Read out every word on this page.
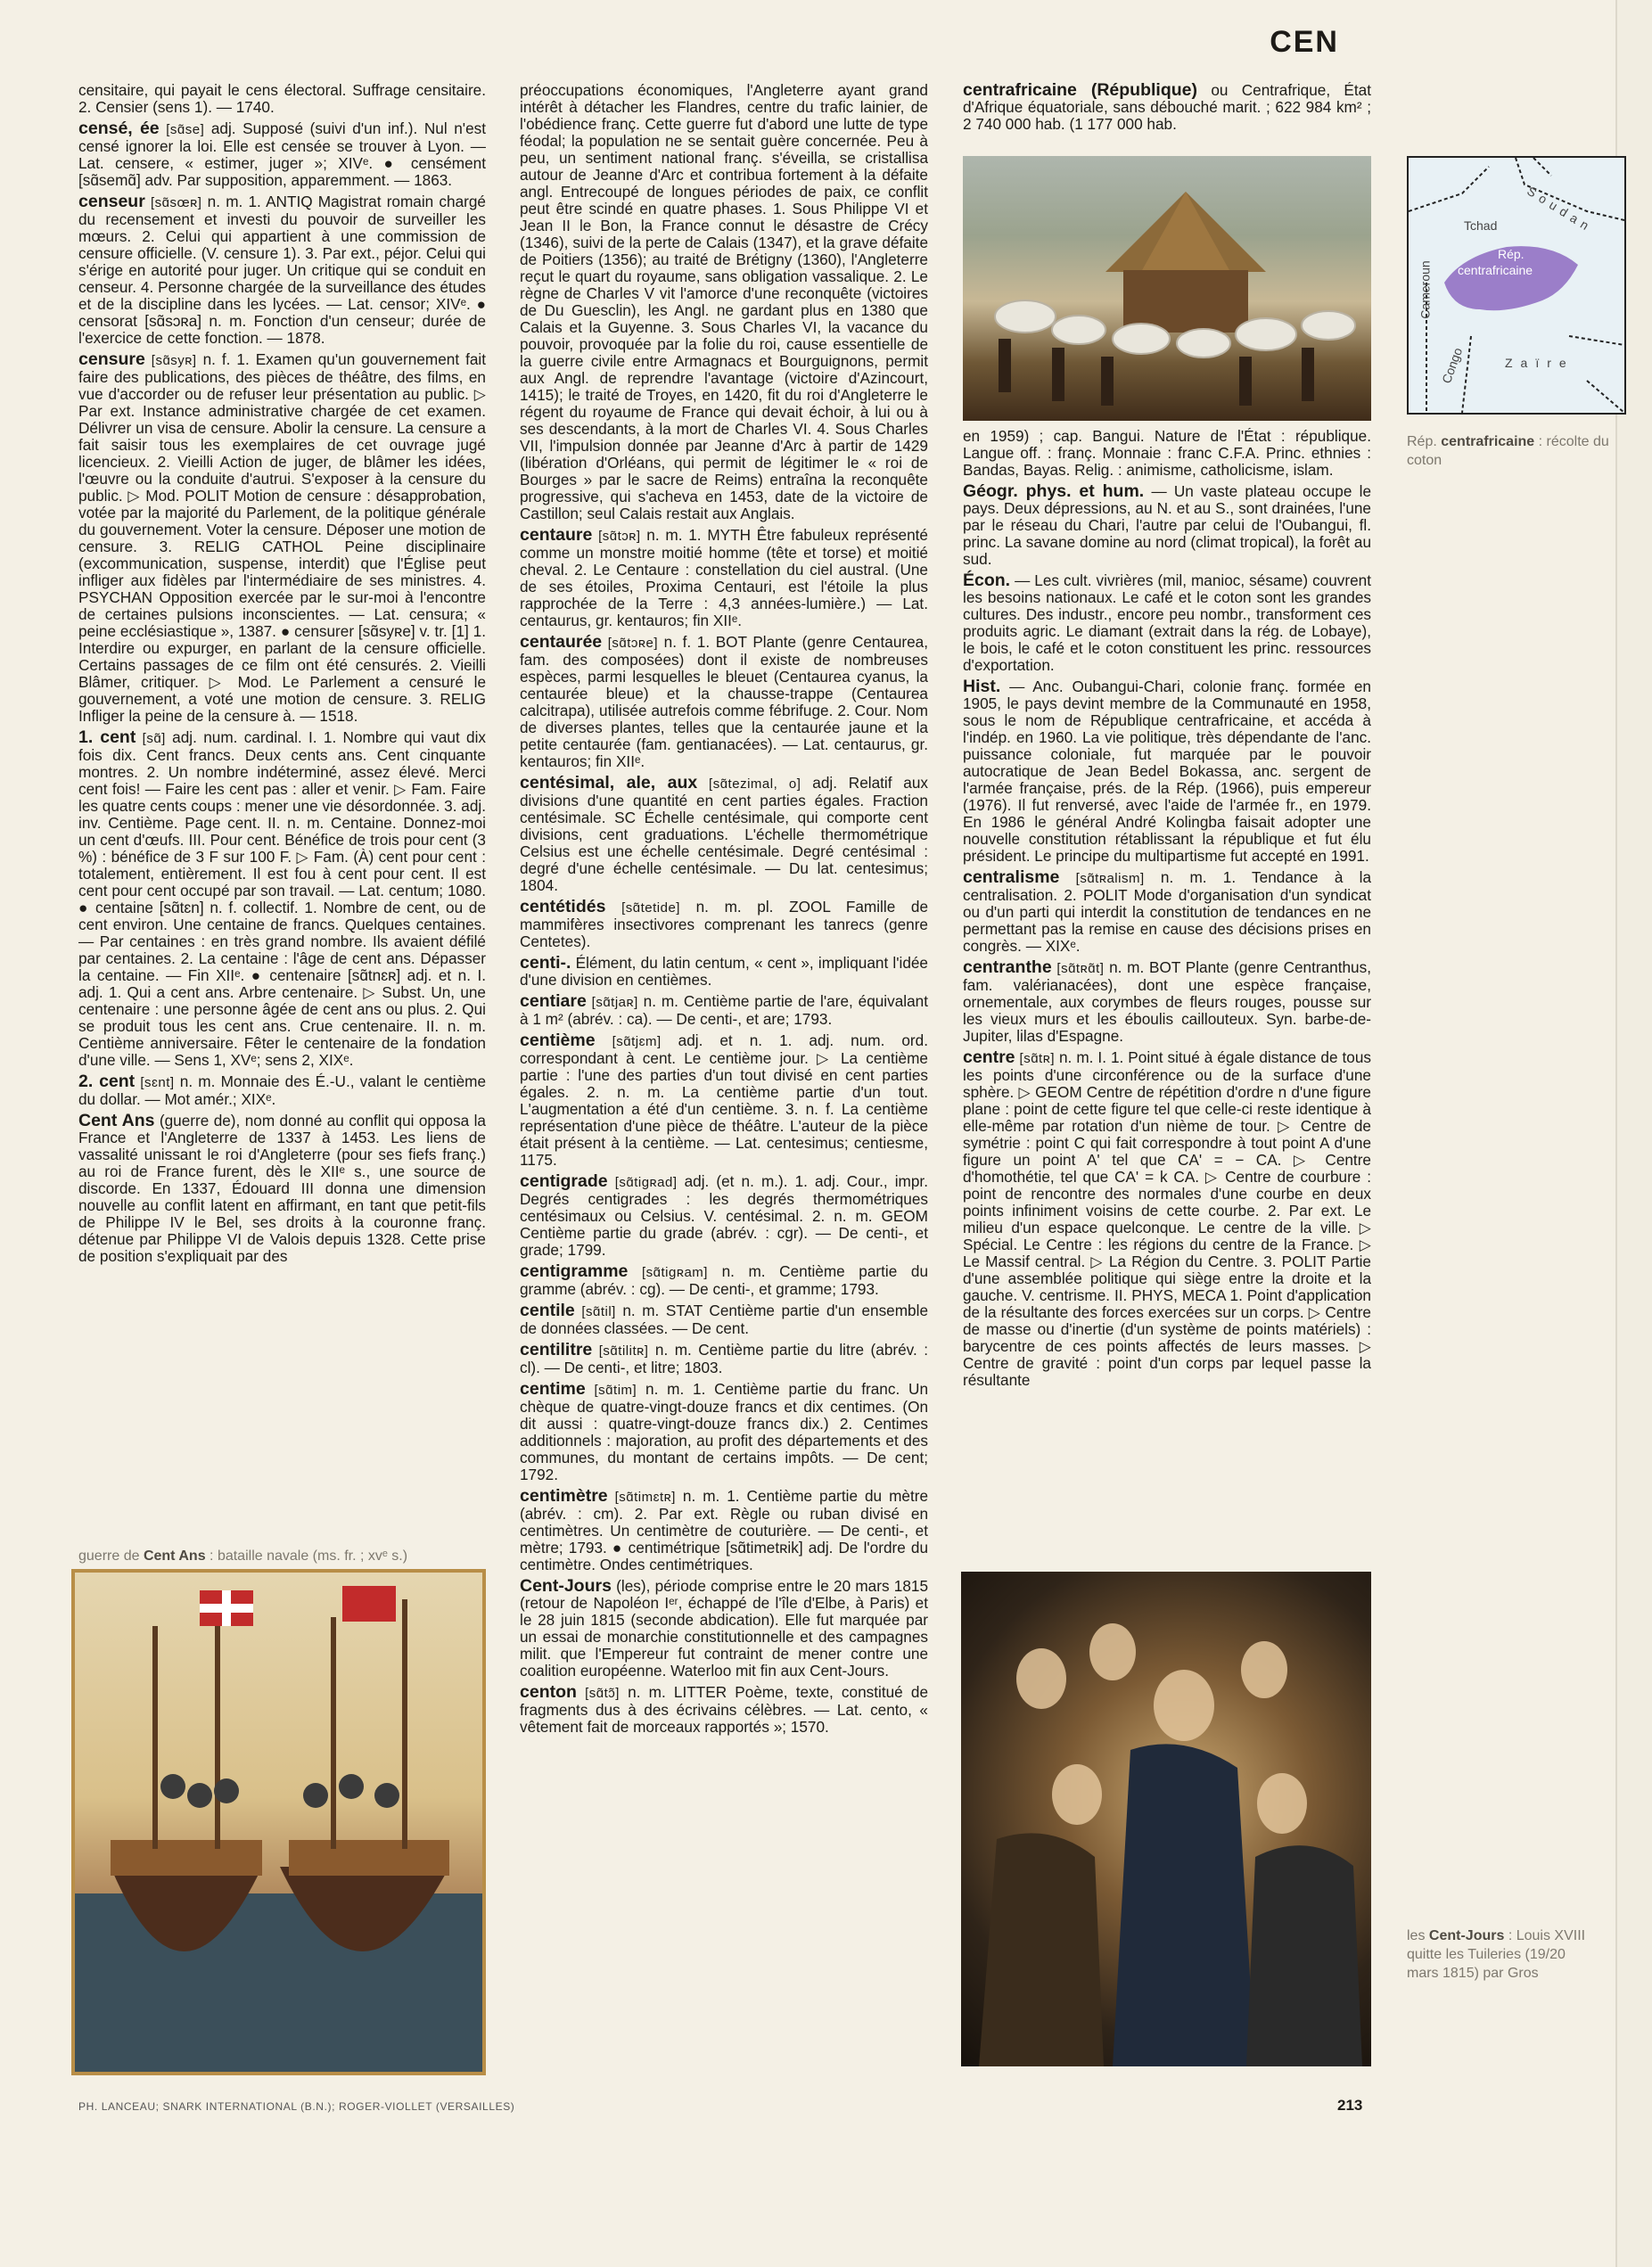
CEN

censitaire, qui payait le cens électoral. Suffrage censitaire. 2. Censier (sens 1). — 1740.

censé, ée [sɑ̃se] adj. Supposé (suivi d'un inf.). Nul n'est censé ignorer la loi. Elle est censée se trouver à Lyon. — Lat. censere, « estimer, juger »; XIVᵉ. ● censément [sɑ̃semɑ̃] adv. Par supposition, apparemment. — 1863.

censeur [sɑ̃sœʀ] n. m. 1. ANTIQ Magistrat romain chargé du recensement et investi du pouvoir de surveiller les mœurs. 2. Celui qui appartient à une commission de censure officielle. (V. censure 1). 3. Par ext., péjor. Celui qui s'érige en autorité pour juger. Un critique qui se conduit en censeur. 4. Personne chargée de la surveillance des études et de la discipline dans les lycées. — Lat. censor; XIVᵉ. ● censorat [sɑ̃sɔʀa] n. m. Fonction d'un censeur; durée de l'exercice de cette fonction. — 1878.

censure [sɑ̃syʀ] n. f. 1. Examen qu'un gouvernement fait faire des publications, des pièces de théâtre, des films, en vue d'accorder ou de refuser leur présentation au public. ▷ Par ext. Instance administrative chargée de cet examen. Délivrer un visa de censure. Abolir la censure. La censure a fait saisir tous les exemplaires de cet ouvrage jugé licencieux. 2. Vieilli Action de juger, de blâmer les idées, l'œuvre ou la conduite d'autrui. S'exposer à la censure du public. ▷ Mod. POLIT Motion de censure : désapprobation, votée par la majorité du Parlement, de la politique générale du gouvernement. Voter la censure. Déposer une motion de censure. 3. RELIG CATHOL Peine disciplinaire (excommunication, suspense, interdit) que l'Église peut infliger aux fidèles par l'intermédiaire de ses ministres. 4. PSYCHAN Opposition exercée par le sur-moi à l'encontre de certaines pulsions inconscientes. — Lat. censura; « peine ecclésiastique », 1387. ● censurer [sɑ̃syʀe] v. tr. [1] 1. Interdire ou expurger, en parlant de la censure officielle. Certains passages de ce film ont été censurés. 2. Vieilli Blâmer, critiquer. ▷ Mod. Le Parlement a censuré le gouvernement, a voté une motion de censure. 3. RELIG Infliger la peine de la censure à. — 1518.

1. cent [sɑ̃] adj. num. cardinal. I. 1. Nombre qui vaut dix fois dix. Cent francs. Deux cents ans. Cent cinquante montres. 2. Un nombre indéterminé, assez élevé. Merci cent fois! — Faire les cent pas : aller et venir. ▷ Fam. Faire les quatre cents coups : mener une vie désordonnée. 3. adj. inv. Centième. Page cent. II. n. m. Centaine. Donnez-moi un cent d'œufs. III. Pour cent. Bénéfice de trois pour cent (3 %) : bénéfice de 3 F sur 100 F. ▷ Fam. (À) cent pour cent : totalement, entièrement. Il est fou à cent pour cent. Il est cent pour cent occupé par son travail. — Lat. centum; 1080. ● centaine [sɑ̃tɛn] n. f. collectif. 1. Nombre de cent, ou de cent environ. Une centaine de francs. Quelques centaines. — Par centaines : en très grand nombre. Ils avaient défilé par centaines. 2. La centaine : l'âge de cent ans. Dépasser la centaine. — Fin XIIᵉ. ● centenaire [sɑ̃tnɛʀ] adj. et n. I. adj. 1. Qui a cent ans. Arbre centenaire. ▷ Subst. Un, une centenaire : une personne âgée de cent ans ou plus. 2. Qui se produit tous les cent ans. Crue centenaire. II. n. m. Centième anniversaire. Fêter le centenaire de la fondation d'une ville. — Sens 1, XVᵉ; sens 2, XIXᵉ.

2. cent [sɛnt] n. m. Monnaie des É.-U., valant le centième du dollar. — Mot amér.; XIXᵉ.

Cent Ans (guerre de), nom donné au conflit qui opposa la France et l'Angleterre de 1337 à 1453. Les liens de vassalité unissant le roi d'Angleterre (pour ses fiefs franç.) au roi de France furent, dès le XIIᵉ s., une source de discorde. En 1337, Édouard III donna une dimension nouvelle au conflit latent en affirmant, en tant que petit-fils de Philippe IV le Bel, ses droits à la couronne franç. détenue par Philippe VI de Valois depuis 1328. Cette prise de position s'expliquait par des

préoccupations économiques, l'Angleterre ayant grand intérêt à détacher les Flandres, centre du trafic lainier, de l'obédience franç. Cette guerre fut d'abord une lutte de type féodal; la population ne se sentait guère concernée. Peu à peu, un sentiment national franç. s'éveilla, se cristallisa autour de Jeanne d'Arc et contribua fortement à la défaite angl. Entrecoupé de longues périodes de paix, ce conflit peut être scindé en quatre phases. 1. Sous Philippe VI et Jean II le Bon, la France connut le désastre de Crécy (1346), suivi de la perte de Calais (1347), et la grave défaite de Poitiers (1356); au traité de Brétigny (1360), l'Angleterre reçut le quart du royaume, sans obligation vassalique. 2. Le règne de Charles V vit l'amorce d'une reconquête (victoires de Du Guesclin), les Angl. ne gardant plus en 1380 que Calais et la Guyenne. 3. Sous Charles VI, la vacance du pouvoir, provoquée par la folie du roi, cause essentielle de la guerre civile entre Armagnacs et Bourguignons, permit aux Angl. de reprendre l'avantage (victoire d'Azincourt, 1415); le traité de Troyes, en 1420, fit du roi d'Angleterre le régent du royaume de France qui devait échoir, à lui ou à ses descendants, à la mort de Charles VI. 4. Sous Charles VII, l'impulsion donnée par Jeanne d'Arc à partir de 1429 (libération d'Orléans, qui permit de légitimer le « roi de Bourges » par le sacre de Reims) entraîna la reconquête progressive, qui s'acheva en 1453, date de la victoire de Castillon; seul Calais restait aux Anglais.

centaure [sɑ̃tɔʀ] n. m. 1. MYTH Être fabuleux représenté comme un monstre moitié homme (tête et torse) et moitié cheval. 2. Le Centaure : constellation du ciel austral. (Une de ses étoiles, Proxima Centauri, est l'étoile la plus rapprochée de la Terre : 4,3 années-lumière.) — Lat. centaurus, gr. kentauros; fin XIIᵉ.

centaurée [sɑ̃tɔʀe] n. f. 1. BOT Plante (genre Centaurea, fam. des composées) dont il existe de nombreuses espèces, parmi lesquelles le bleuet (Centaurea cyanus, la centaurée bleue) et la chausse-trappe (Centaurea calcitrapa), utilisée autrefois comme fébrifuge. 2. Cour. Nom de diverses plantes, telles que la centaurée jaune et la petite centaurée (fam. gentianacées). — Lat. centaurus, gr. kentauros; fin XIIᵉ.

centésimal, ale, aux [sɑ̃tezimal, o] adj. Relatif aux divisions d'une quantité en cent parties égales. Fraction centésimale. SC Échelle centésimale, qui comporte cent divisions, cent graduations. L'échelle thermométrique Celsius est une échelle centésimale. Degré centésimal : degré d'une échelle centésimale. — Du lat. centesimus; 1804.

centétidés [sɑ̃tetide] n. m. pl. ZOOL Famille de mammifères insectivores comprenant les tanrecs (genre Centetes).

centi-. Élément, du latin centum, « cent », impliquant l'idée d'une division en centièmes.

centiare [sɑ̃tjaʀ] n. m. Centième partie de l'are, équivalant à 1 m² (abrév. : ca). — De centi-, et are; 1793.

centième [sɑ̃tjɛm] adj. et n. 1. adj. num. ord. correspondant à cent. Le centième jour. ▷ La centième partie : l'une des parties d'un tout divisé en cent parties égales. 2. n. m. La centième partie d'un tout. L'augmentation a été d'un centième. 3. n. f. La centième représentation d'une pièce de théâtre. L'auteur de la pièce était présent à la centième. — Lat. centesimus; centiesme, 1175.

centigrade [sɑ̃tigʀad] adj. (et n. m.). 1. adj. Cour., impr. Degrés centigrades : les degrés thermométriques centésimaux ou Celsius. V. centésimal. 2. n. m. GEOM Centième partie du grade (abrév. : cgr). — De centi-, et grade; 1799.

centigramme [sɑ̃tigʀam] n. m. Centième partie du gramme (abrév. : cg). — De centi-, et gramme; 1793.

centile [sɑ̃til] n. m. STAT Centième partie d'un ensemble de données classées. — De cent.

centilitre [sɑ̃tilitʀ] n. m. Centième partie du litre (abrév. : cl). — De centi-, et litre; 1803.

centime [sɑ̃tim] n. m. 1. Centième partie du franc. Un chèque de quatre-vingt-douze francs et dix centimes. (On dit aussi : quatre-vingt-douze francs dix.) 2. Centimes additionnels : majoration, au profit des départements et des communes, du montant de certains impôts. — De cent; 1792.

centimètre [sɑ̃timɛtʀ] n. m. 1. Centième partie du mètre (abrév. : cm). 2. Par ext. Règle ou ruban divisé en centimètres. Un centimètre de couturière. — De centi-, et mètre; 1793. ● centimétrique [sɑ̃timetʀik] adj. De l'ordre du centimètre. Ondes centimétriques.

Cent-Jours (les), période comprise entre le 20 mars 1815 (retour de Napoléon Iᵉʳ, échappé de l'île d'Elbe, à Paris) et le 28 juin 1815 (seconde abdication). Elle fut marquée par un essai de monarchie constitutionnelle et des campagnes milit. que l'Empereur fut contraint de mener contre une coalition européenne. Waterloo mit fin aux Cent-Jours.

centon [sɑ̃tɔ̃] n. m. LITTER Poème, texte, constitué de fragments dus à des écrivains célèbres. — Lat. cento, « vêtement fait de morceaux rapportés »; 1570.

centrafricaine (République) ou Centrafrique, État d'Afrique équatoriale, sans débouché marit. ; 622 984 km² ; 2 740 000 hab. (1 177 000 hab.

en 1959) ; cap. Bangui. Nature de l'État : république. Langue off. : franç. Monnaie : franc C.F.A. Princ. ethnies : Bandas, Bayas. Relig. : animisme, catholicisme, islam.

Géogr. phys. et hum. — Un vaste plateau occupe le pays. Deux dépressions, au N. et au S., sont drainées, l'une par le réseau du Chari, l'autre par celui de l'Oubangui, fl. princ. La savane domine au nord (climat tropical), la forêt au sud.

Écon. — Les cult. vivrières (mil, manioc, sésame) couvrent les besoins nationaux. Le café et le coton sont les grandes cultures. Des industr., encore peu nombr., transforment ces produits agric. Le diamant (extrait dans la rég. de Lobaye), le bois, le café et le coton constituent les princ. ressources d'exportation.

Hist. — Anc. Oubangui-Chari, colonie franç. formée en 1905, le pays devint membre de la Communauté en 1958, sous le nom de République centrafricaine, et accéda à l'indép. en 1960. La vie politique, très dépendante de l'anc. puissance coloniale, fut marquée par le pouvoir autocratique de Jean Bedel Bokassa, anc. sergent de l'armée française, prés. de la Rép. (1966), puis empereur (1976). Il fut renversé, avec l'aide de l'armée fr., en 1979. En 1986 le général André Kolingba faisait adopter une nouvelle constitution rétablissant la république et fut élu président. Le principe du multipartisme fut accepté en 1991.

centralisme [sɑ̃tʀalism] n. m. 1. Tendance à la centralisation. 2. POLIT Mode d'organisation d'un syndicat ou d'un parti qui interdit la constitution de tendances en ne permettant pas la remise en cause des décisions prises en congrès. — XIXᵉ.

centranthe [sɑ̃tʀɑ̃t] n. m. BOT Plante (genre Centranthus, fam. valérianacées), dont une espèce française, ornementale, aux corymbes de fleurs rouges, pousse sur les vieux murs et les éboulis caillouteux. Syn. barbe-de-Jupiter, lilas d'Espagne.

centre [sɑ̃tʀ] n. m. I. 1. Point situé à égale distance de tous les points d'une circonférence ou de la surface d'une sphère. ▷ GEOM Centre de répétition d'ordre n d'une figure plane : point de cette figure tel que celle-ci reste identique à elle-même par rotation d'un nième de tour. ▷ Centre de symétrie : point C qui fait correspondre à tout point A d'une figure un point A' tel que CA' = − CA. ▷ Centre d'homothétie, tel que CA' = k CA. ▷ Centre de courbure : point de rencontre des normales d'une courbe en deux points infiniment voisins de cette courbe. 2. Par ext. Le milieu d'un espace quelconque. Le centre de la ville. ▷ Spécial. Le Centre : les régions du centre de la France. ▷ Le Massif central. ▷ La Région du Centre. 3. POLIT Partie d'une assemblée politique qui siège entre la droite et la gauche. V. centrisme. II. PHYS, MECA 1. Point d'application de la résultante des forces exercées sur un corps. ▷ Centre de masse ou d'inertie (d'un système de points matériels) : barycentre de ces points affectés de leurs masses. ▷ Centre de gravité : point d'un corps par lequel passe la résultante

Tchad Soudan
Rép.
centrafricaine
Cameroun
Congo	Zaïre
guerre de Cent Ans : bataille navale (ms. fr. ; xvᵉ s.)
Rép. centrafricaine : récolte du coton
les Cent-Jours : Louis XVIII quitte les Tuileries (19/20 mars 1815) par Gros
PH. LANCEAU; SNARK INTERNATIONAL (B.N.); ROGER-VIOLLET (VERSAILLES)	213
